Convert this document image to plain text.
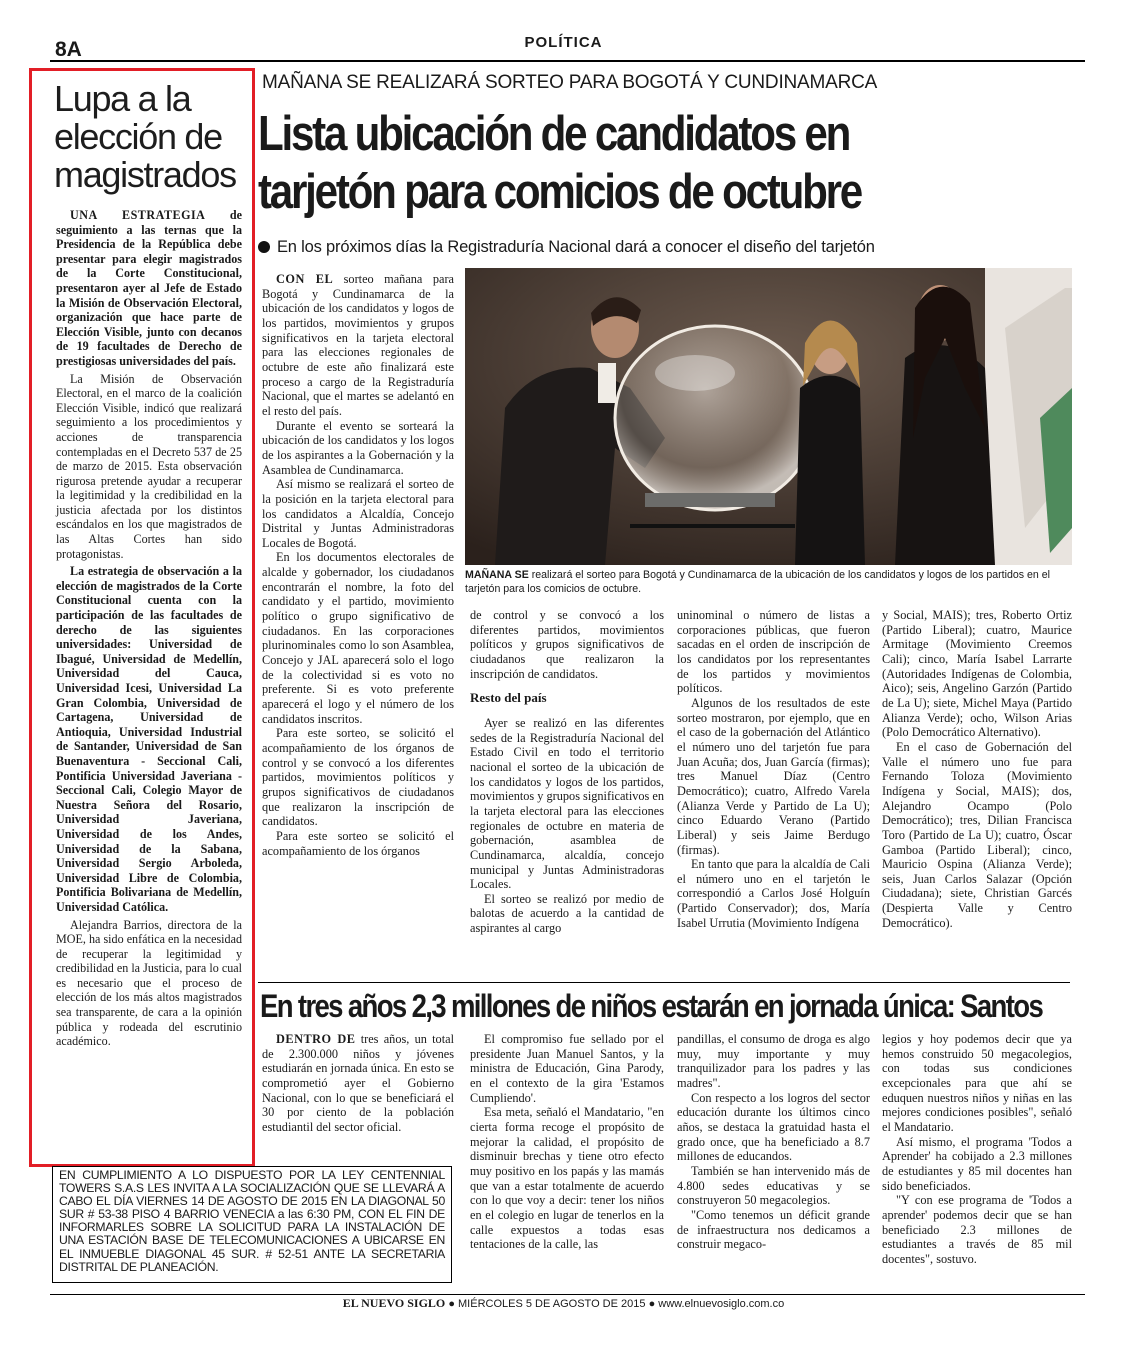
8A	POLÍTICA
Lupa a la elección de magistrados

UNA ESTRATEGIA de seguimiento a las ternas que la Presidencia de la República debe presentar para elegir magistrados de la Corte Constitucional, presentaron ayer al Jefe de Estado la Misión de Observación Electoral, organización que hace parte de Elección Visible, junto con decanos de 19 facultades de Derecho de prestigiosas universidades del país.

La Misión de Observación Electoral, en el marco de la coalición Elección Visible, indicó que realizará seguimiento a los procedimientos y acciones de transparencia contempladas en el Decreto 537 de 25 de marzo de 2015. Esta observación rigurosa pretende ayudar a recuperar la legitimidad y la credibilidad en la justicia afectada por los distintos escándalos en los que magistrados de las Altas Cortes han sido protagonistas.

La estrategia de observación a la elección de magistrados de la Corte Constitucional cuenta con la participación de las facultades de derecho de las siguientes universidades: Universidad de Ibagué, Universidad de Medellín, Universidad del Cauca, Universidad Icesi, Universidad La Gran Colombia, Universidad de Cartagena, Universidad de Antioquia, Universidad Industrial de Santander, Universidad de San Buenaventura - Seccional Cali, Pontificia Universidad Javeriana - Seccional Cali, Colegio Mayor de Nuestra Señora del Rosario, Universidad Javeriana, Universidad de los Andes, Universidad de la Sabana, Universidad Sergio Arboleda, Universidad Libre de Colombia, Pontificia Bolivariana de Medellín, Universidad Católica.

Alejandra Barrios, directora de la MOE, ha sido enfática en la necesidad de recuperar la legitimidad y credibilidad en la Justicia, para lo cual es necesario que el proceso de elección de los más altos magistrados sea transparente, de cara a la opinión pública y rodeada del escrutinio académico.

MAÑANA SE REALIZARÁ SORTEO PARA BOGOTÁ Y CUNDINAMARCA
Lista ubicación de candidatos en
tarjetón para comicios de octubre
En los próximos días la Registraduría Nacional dará a conocer el diseño del tarjetón

CON EL sorteo mañana para Bogotá y Cundinamarca de la ubicación de los candidatos y logos de los partidos, movimientos y grupos significativos en la tarjeta electoral para las elecciones regionales de octubre de este año finalizará este proceso a cargo de la Registraduría Nacional, que el martes se adelantó en el resto del país.

Durante el evento se sorteará la ubicación de los candidatos y los logos de los aspirantes a la Gobernación y la Asamblea de Cundinamarca.

Así mismo se realizará el sorteo de la posición en la tarjeta electoral para los candidatos a Alcaldía, Concejo Distrital y Juntas Administradoras Locales de Bogotá.

En los documentos electorales de alcalde y gobernador, los ciudadanos encontrarán el nombre, la foto del candidato y el partido, movimiento político o grupo significativo de ciudadanos. En las corporaciones plurinominales como lo son Asamblea, Concejo y JAL aparecerá solo el logo de la colectividad si es voto no preferente. Si es voto preferente aparecerá el logo y el número de los candidatos inscritos.

Para este sorteo, se solicitó el acompañamiento de los órganos de control y se convocó a los diferentes partidos, movimientos políticos y grupos significativos de ciudadanos que realizaron la inscripción de candidatos.

Para este sorteo se solicitó el acompañamiento de los órganos

MAÑANA SE realizará el sorteo para Bogotá y Cundinamarca de la ubicación de los candidatos y logos de los partidos en el tarjetón para los comicios de octubre.

de control y se convocó a los diferentes partidos, movimientos políticos y grupos significativos de ciudadanos que realizaron la inscripción de candidatos.

Resto del país

Ayer se realizó en las diferentes sedes de la Registraduría Nacional del Estado Civil en todo el territorio nacional el sorteo de la ubicación de los candidatos y logos de los partidos, movimientos y grupos significativos en la tarjeta electoral para las elecciones regionales de octubre en materia de gobernación, asamblea de Cundinamarca, alcaldía, concejo municipal y Juntas Administradoras Locales.

El sorteo se realizó por medio de balotas de acuerdo a la cantidad de aspirantes al cargo

uninominal o número de listas a corporaciones públicas, que fueron sacadas en el orden de inscripción de los candidatos por los representantes de los partidos y movimientos políticos.

Algunos de los resultados de este sorteo mostraron, por ejemplo, que en el caso de la gobernación del Atlántico el número uno del tarjetón fue para Juan Acuña; dos, Juan García (firmas); tres Manuel Díaz (Centro Democrático); cuatro, Alfredo Varela (Alianza Verde y Partido de La U); cinco Eduardo Verano (Partido Liberal) y seis Jaime Berdugo (firmas).

En tanto que para la alcaldía de Cali el número uno en el tarjetón le correspondió a Carlos José Holguín (Partido Conservador); dos, María Isabel Urrutia (Movimiento Indígena

y Social, MAIS); tres, Roberto Ortiz (Partido Liberal); cuatro, Maurice Armitage (Movimiento Creemos Cali); cinco, María Isabel Larrarte (Autoridades Indígenas de Colombia, Aico); seis, Angelino Garzón (Partido de La U); siete, Michel Maya (Partido Alianza Verde); ocho, Wilson Arias (Polo Democrático Alternativo).

En el caso de Gobernación del Valle el número uno fue para Fernando Toloza (Movimiento Indígena y Social, MAIS); dos, Alejandro Ocampo (Polo Democrático); tres, Dilian Francisca Toro (Partido de La U); cuatro, Óscar Gamboa (Partido Liberal); cinco, Mauricio Ospina (Alianza Verde); seis, Juan Carlos Salazar (Opción Ciudadana); siete, Christian Garcés (Despierta Valle y Centro Democrático).

En tres años 2,3 millones de niños estarán en jornada única: Santos

DENTRO DE tres años, un total de 2.300.000 niños y jóvenes estudiarán en jornada única. En esto se comprometió ayer el Gobierno Nacional, con lo que se beneficiará el 30 por ciento de la población estudiantil del sector oficial.

El compromiso fue sellado por el presidente Juan Manuel Santos, y la ministra de Educación, Gina Parody, en el contexto de la gira 'Estamos Cumpliendo'.

Esa meta, señaló el Mandatario, "en cierta forma recoge el propósito de mejorar la calidad, el propósito de disminuir brechas y tiene otro efecto muy positivo en los papás y las mamás que van a estar totalmente de acuerdo con lo que voy a decir: tener los niños en el colegio en lugar de tenerlos en la calle expuestos a todas esas tentaciones de la calle, las

pandillas, el consumo de droga es algo muy, muy importante y muy tranquilizador para los padres y las madres".

Con respecto a los logros del sector educación durante los últimos cinco años, se destaca la gratuidad hasta el grado once, que ha beneficiado a 8.7 millones de educandos.

También se han intervenido más de 4.800 sedes educativas y se construyeron 50 megacolegios.

"Como tenemos un déficit grande de infraestructura nos dedicamos a construir megaco-

legios y hoy podemos decir que ya hemos construido 50 megacolegios, con todas sus condiciones excepcionales para que ahí se eduquen nuestros niños y niñas en las mejores condiciones posibles", señaló el Mandatario.

Así mismo, el programa 'Todos a Aprender' ha cobijado a 2.3 millones de estudiantes y 85 mil docentes han sido beneficiados.

"Y con ese programa de 'Todos a aprender' podemos decir que se han beneficiado 2.3 millones de estudiantes a través de 85 mil docentes", sostuvo.

EN CUMPLIMIENTO A LO DISPUESTO POR LA LEY CENTENNIAL TOWERS S.A.S LES INVITA A LA SOCIALIZACIÓN QUE SE LLEVARÁ A CABO EL DÍA VIERNES 14 DE AGOSTO DE 2015 EN LA DIAGONAL 50 SUR # 53-38 PISO 4 BARRIO VENECIA a las 6:30 PM, CON EL FIN DE INFORMARLES SOBRE LA SOLICITUD PARA LA INSTALACIÓN DE UNA ESTACIÓN BASE DE TELECOMUNICACIONES A UBICARSE EN EL INMUEBLE DIAGONAL 45 SUR. # 52-51 ANTE LA SECRETARIA DISTRITAL DE PLANEACIÓN.
EL NUEVO SIGLO ● MIÉRCOLES 5 DE AGOSTO DE 2015 ● www.elnuevosiglo.com.co
